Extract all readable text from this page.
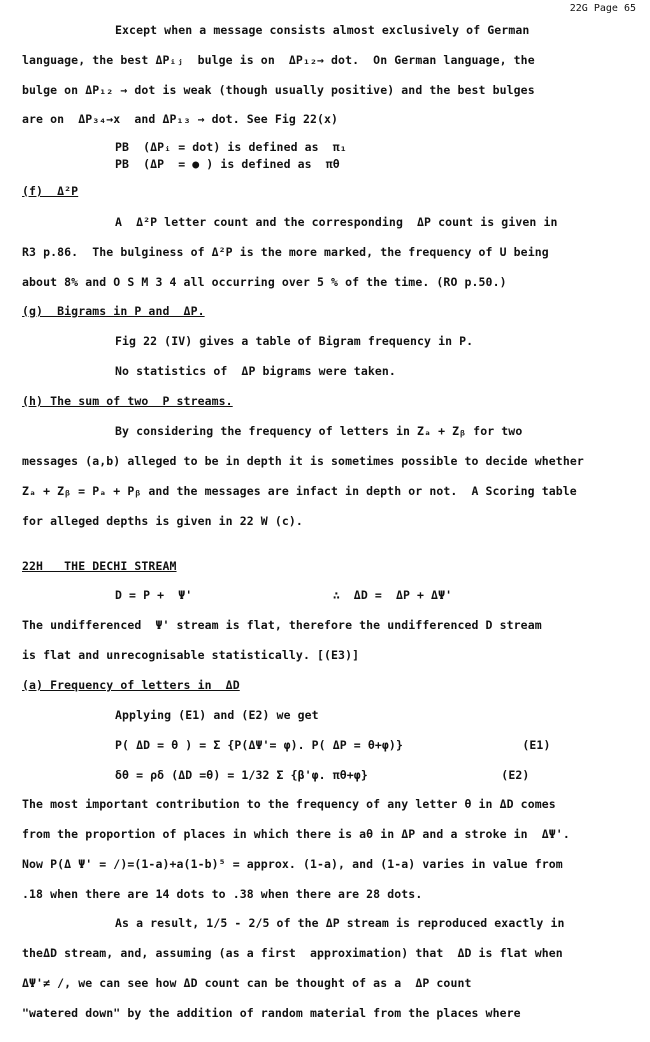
22G Page 65
Except when a message consists almost exclusively of German
language, the best ΔPᵢⱼ  bulge is on  ΔP₁₂→ dot.  On German language, the
bulge on ΔP₁₂ → dot is weak (though usually positive) and the best bulges
are on  ΔP₃₄→x  and ΔP₁₃ → dot. See Fig 22(x)
PB  (ΔPᵢ = dot) is defined as  π₁
PB  (ΔP  = ● ) is defined as  πθ
(f)  Δ²P
A  Δ²P letter count and the corresponding  ΔP count is given in
R3 p.86.  The bulginess of Δ²P is the more marked, the frequency of U being
about 8% and O S M 3 4 all occurring over 5 % of the time. (RO p.50.)
(g)  Bigrams in P and  ΔP.
Fig 22 (IV) gives a table of Bigram frequency in P.
No statistics of  ΔP bigrams were taken.
(h) The sum of two  P streams.
By considering the frequency of letters in Zₐ + Zᵦ for two
messages (a,b) alleged to be in depth it is sometimes possible to decide whether
Zₐ + Zᵦ = Pₐ + Pᵦ and the messages are infact in depth or not.  A Scoring table
for alleged depths is given in 22 W (c).
22H   THE DECHI STREAM
D = P +  Ψ'                    ∴  ΔD =  ΔP + ΔΨ'
The undifferenced  Ψ' stream is flat, therefore the undifferenced D stream
is flat and unrecognisable statistically. [(E3)]
(a) Frequency of letters in  ΔD
Applying (E1) and (E2) we get
P( ΔD = θ ) = Σ {P(ΔΨ'= φ). P( ΔP = θ+φ)}                 (E1)
δθ = ρδ (ΔD =θ) = 1/32 Σ {β'φ. πθ+φ}                   (E2)
The most important contribution to the frequency of any letter θ in ΔD comes
from the proportion of places in which there is aθ in ΔP and a stroke in  ΔΨ'.
Now P(Δ Ψ' = /)=(1-a)+a(1-b)⁵ = approx. (1-a), and (1-a) varies in value from
.18 when there are 14 dots to .38 when there are 28 dots.
As a result, 1/5 - 2/5 of the ΔP stream is reproduced exactly in
theΔD stream, and, assuming (as a first  approximation) that  ΔD is flat when
ΔΨ'≠ /, we can see how ΔD count can be thought of as a  ΔP count
"watered down" by the addition of random material from the places where
